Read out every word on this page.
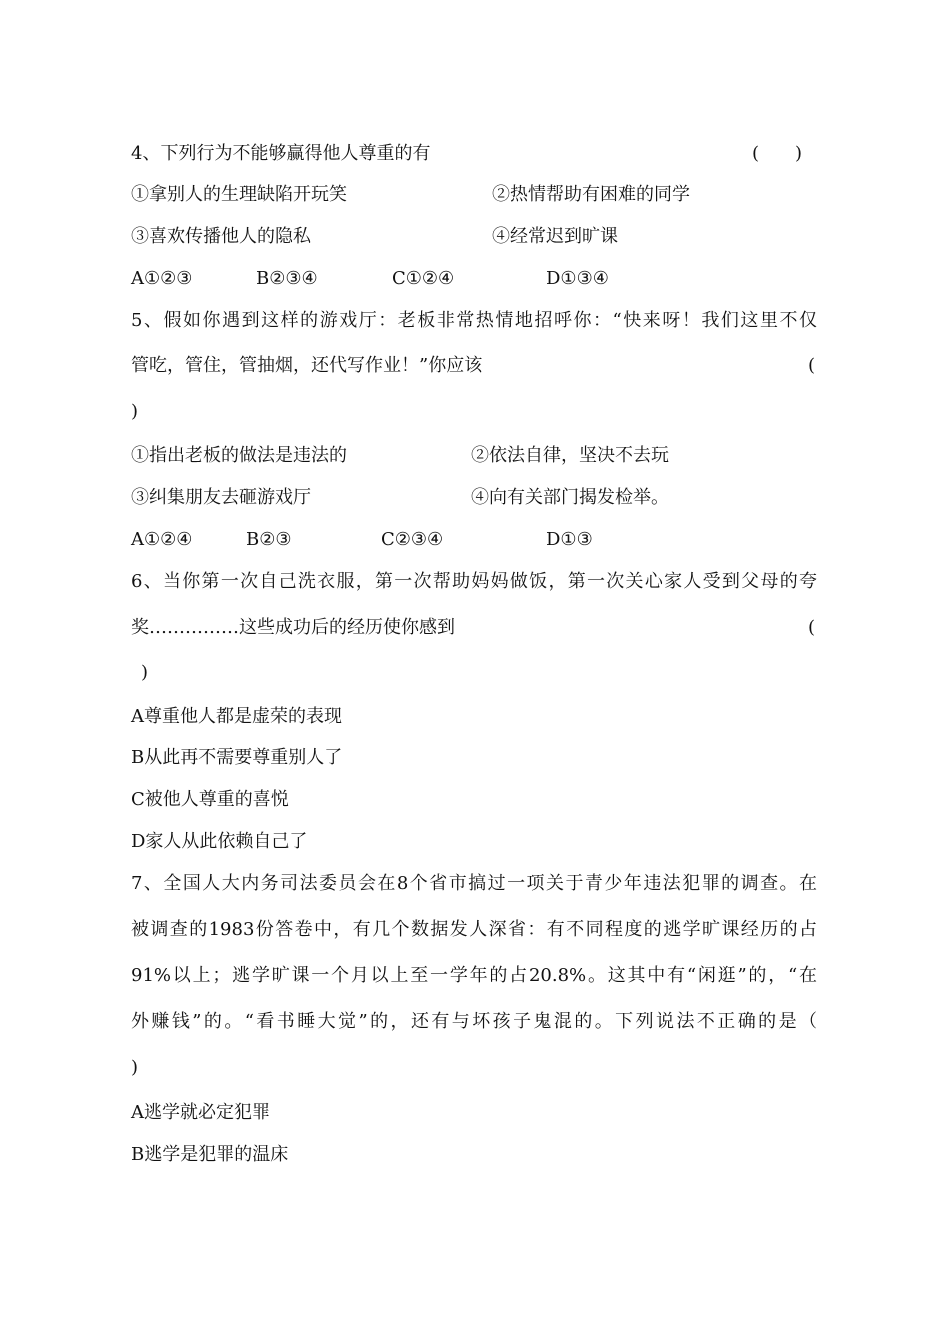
4、下列行为不能够赢得他人尊重的有	(　　)
①拿别人的生理缺陷开玩笑	②热情帮助有困难的同学
③喜欢传播他人的隐私	④经常迟到旷课
A①②③	B②③④	C①②④	D①③④
5、假如你遇到这样的游戏厅：老板非常热情地招呼你：“快来呀！我们这里不仅
管吃，管住，管抽烟，还代写作业！”你应该	(
)
①指出老板的做法是违法的	②依法自律，坚决不去玩
③纠集朋友去砸游戏厅	④向有关部门揭发检举。
A①②④	B②③	C②③④	D①③
6、当你第一次自己洗衣服，第一次帮助妈妈做饭，第一次关心家人受到父母的夸
奖……………这些成功后的经历使你感到	(
)
A尊重他人都是虚荣的表现
B从此再不需要尊重别人了
C被他人尊重的喜悦
D家人从此依赖自己了
7、全国人大内务司法委员会在8个省市搞过一项关于青少年违法犯罪的调查。在
被调查的1983份答卷中，有几个数据发人深省：有不同程度的逃学旷课经历的占
91%以上；逃学旷课一个月以上至一学年的占20.8%。这其中有“闲逛”的，“在
外赚钱”的。“看书睡大觉”的，还有与坏孩子鬼混的。下列说法不正确的是（
)
A逃学就必定犯罪
B逃学是犯罪的温床
